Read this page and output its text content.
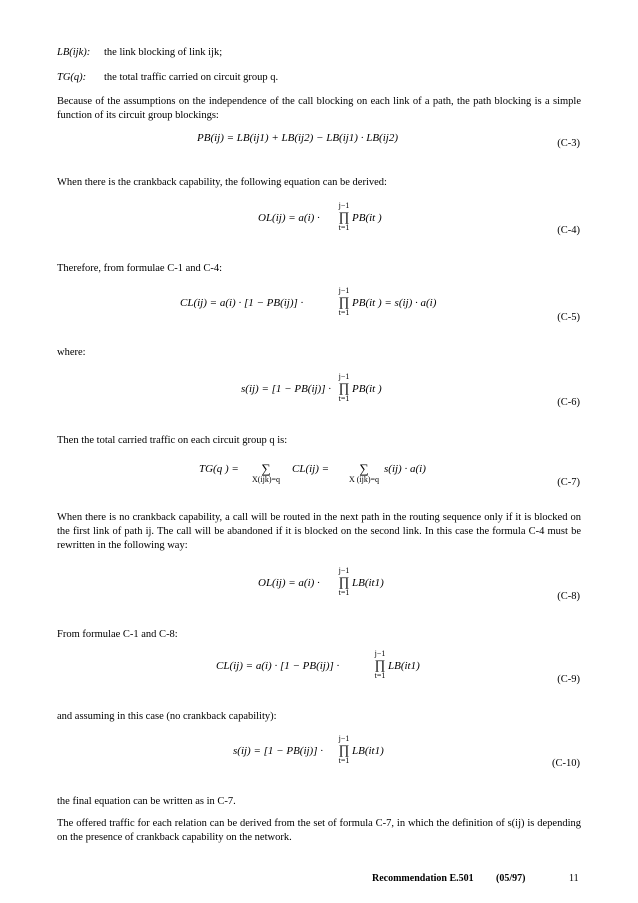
LB(ijk): the link blocking of link ijk;
TG(q): the total traffic carried on circuit group q.
Because of the assumptions on the independence of the call blocking on each link of a path, the path blocking is a simple function of its circuit group blockings:
PB(ij) = LB(ij1) + LB(ij2) − LB(ij1) · LB(ij2)	(C-3)
When there is the crankback capability, the following equation can be derived:
OL(ij) = a(i) ·
j−1
∏
t=1
PB(it )
(C-4)
Therefore, from formulae C-1 and C-4:
CL(ij) = a(i) · [1 − PB(ij)] ·
j−1
∏
t=1
PB(it ) = s(ij) · a(i)
(C-5)
where:
s(ij) = [1 − PB(ij)] ·
j−1
∏
t=1
PB(it )
(C-6)
Then the total carried traffic on each circuit group q is:
TG(q ) =	∑
X(ijk)=q
CL(ij) =	∑
X (ijk)=q
s(ij) · a(i)
(C-7)
When there is no crankback capability, a call will be routed in the next path in the routing sequence only if it is blocked on the first link of path ij. The call will be abandoned if it is blocked on the second link. In this case the formula C-4 must be rewritten in the following way:
OL(ij) = a(i) ·
j−1
∏
t=1
LB(it1)
(C-8)
From formulae C-1 and C-8:
CL(ij) = a(i) · [1 − PB(ij)] ·
j−1
∏
t=1
LB(it1)
(C-9)
and assuming in this case (no crankback capability):
s(ij) = [1 − PB(ij)] ·
j−1
∏
t=1
LB(it1)
(C-10)
the final equation can be written as in C-7.
The offered traffic for each relation can be derived from the set of formula C-7, in which the definition of s(ij) is depending on the presence of crankback capability on the network.
Recommendation E.501 (05/97)	11
